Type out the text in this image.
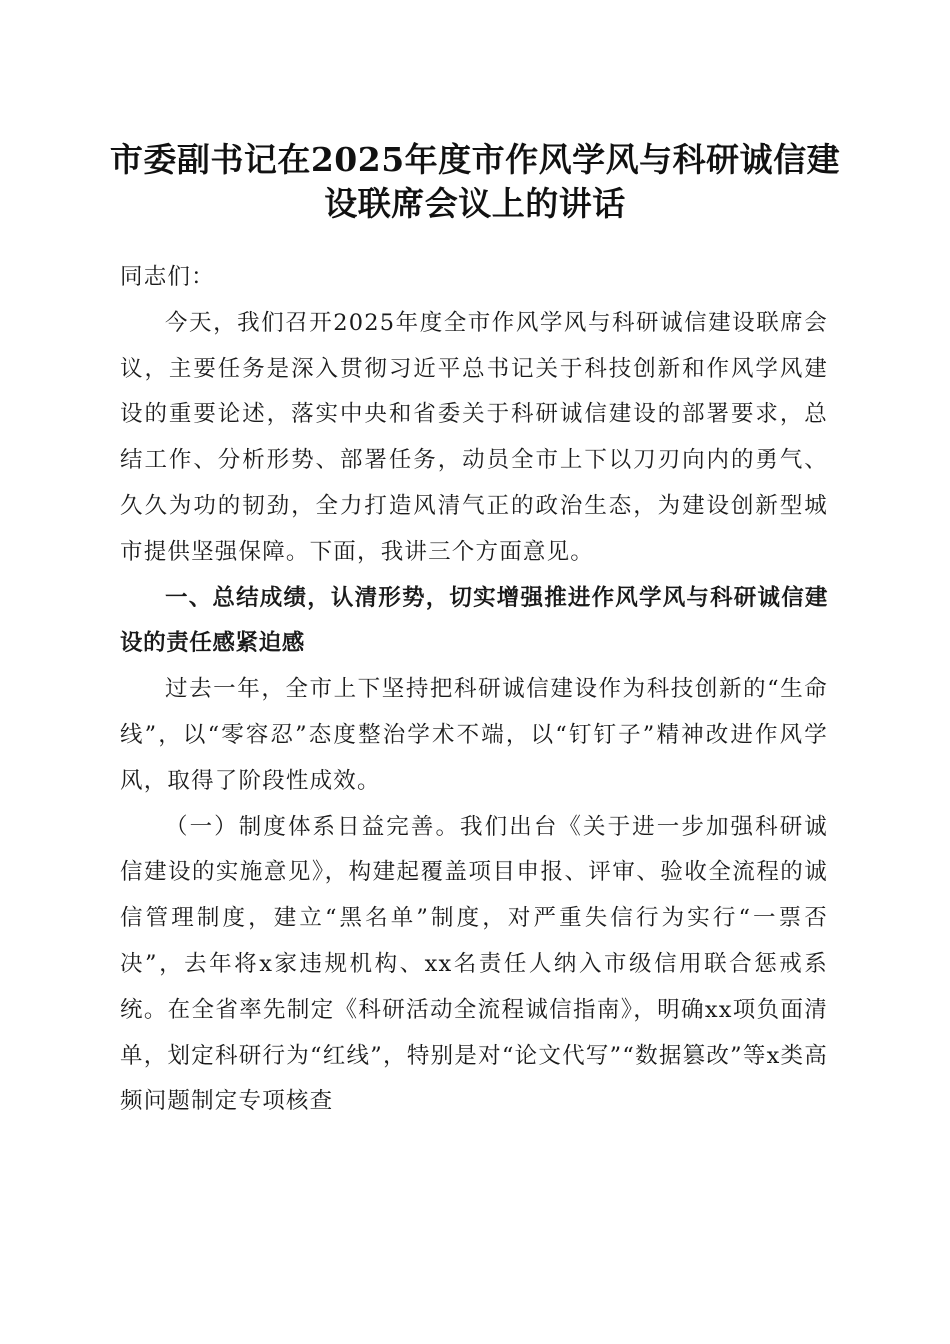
市委副书记在2025年度市作风学风与科研诚信建设联席会议上的讲话

同志们：

今天，我们召开2025年度全市作风学风与科研诚信建设联席会议，主要任务是深入贯彻习近平总书记关于科技创新和作风学风建设的重要论述，落实中央和省委关于科研诚信建设的部署要求，总结工作、分析形势、部署任务，动员全市上下以刀刃向内的勇气、久久为功的韧劲，全力打造风清气正的政治生态，为建设创新型城市提供坚强保障。下面，我讲三个方面意见。

一、总结成绩，认清形势，切实增强推进作风学风与科研诚信建设的责任感紧迫感

过去一年，全市上下坚持把科研诚信建设作为科技创新的“生命线”，以“零容忍”态度整治学术不端，以“钉钉子”精神改进作风学风，取得了阶段性成效。

（一）制度体系日益完善。我们出台《关于进一步加强科研诚信建设的实施意见》，构建起覆盖项目申报、评审、验收全流程的诚信管理制度，建立“黑名单”制度，对严重失信行为实行“一票否决”，去年将x家违规机构、xx名责任人纳入市级信用联合惩戒系统。在全省率先制定《科研活动全流程诚信指南》，明确xx项负面清单，划定科研行为“红线”，特别是对“论文代写”“数据篡改”等x类高频问题制定专项核查
